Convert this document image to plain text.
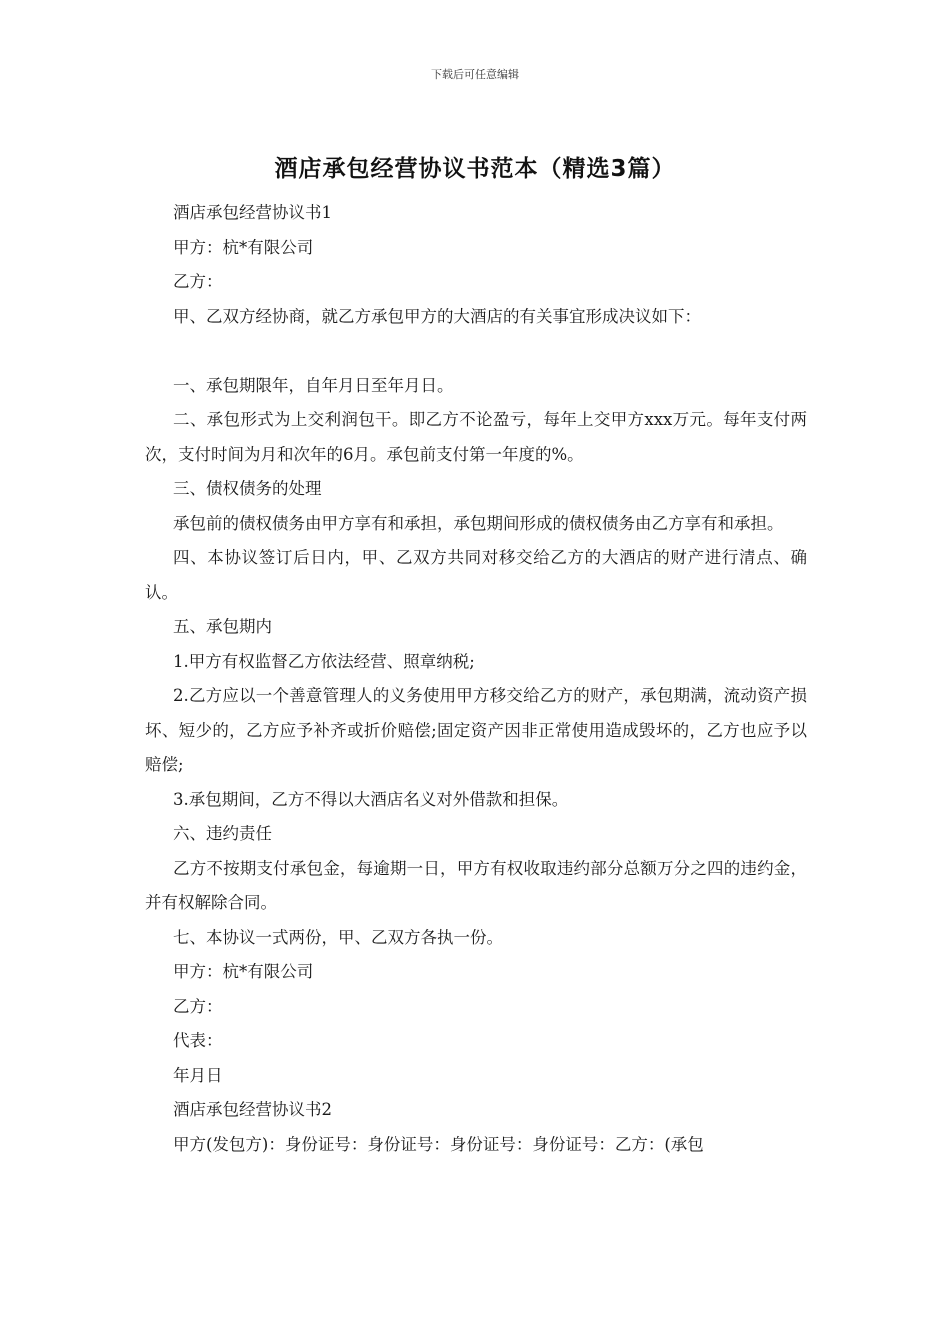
下载后可任意编辑
酒店承包经营协议书范本（精选3篇）

酒店承包经营协议书1

甲方：杭*有限公司

乙方：

甲、乙双方经协商，就乙方承包甲方的大酒店的有关事宜形成决议如下：

一、承包期限年，自年月日至年月日。

二、承包形式为上交利润包干。即乙方不论盈亏，每年上交甲方xxx万元。每年支付两次，支付时间为月和次年的6月。承包前支付第一年度的%。

三、债权债务的处理

承包前的债权债务由甲方享有和承担，承包期间形成的债权债务由乙方享有和承担。

四、本协议签订后日内，甲、乙双方共同对移交给乙方的大酒店的财产进行清点、确认。

五、承包期内

1.甲方有权监督乙方依法经营、照章纳税;

2.乙方应以一个善意管理人的义务使用甲方移交给乙方的财产，承包期满，流动资产损坏、短少的，乙方应予补齐或折价赔偿;固定资产因非正常使用造成毁坏的，乙方也应予以赔偿;

3.承包期间，乙方不得以大酒店名义对外借款和担保。

六、违约责任

乙方不按期支付承包金，每逾期一日，甲方有权收取违约部分总额万分之四的违约金，并有权解除合同。

七、本协议一式两份，甲、乙双方各执一份。

甲方：杭*有限公司

乙方：

代表：

年月日

酒店承包经营协议书2

甲方(发包方)：身份证号：身份证号：身份证号：身份证号：乙方：(承包
